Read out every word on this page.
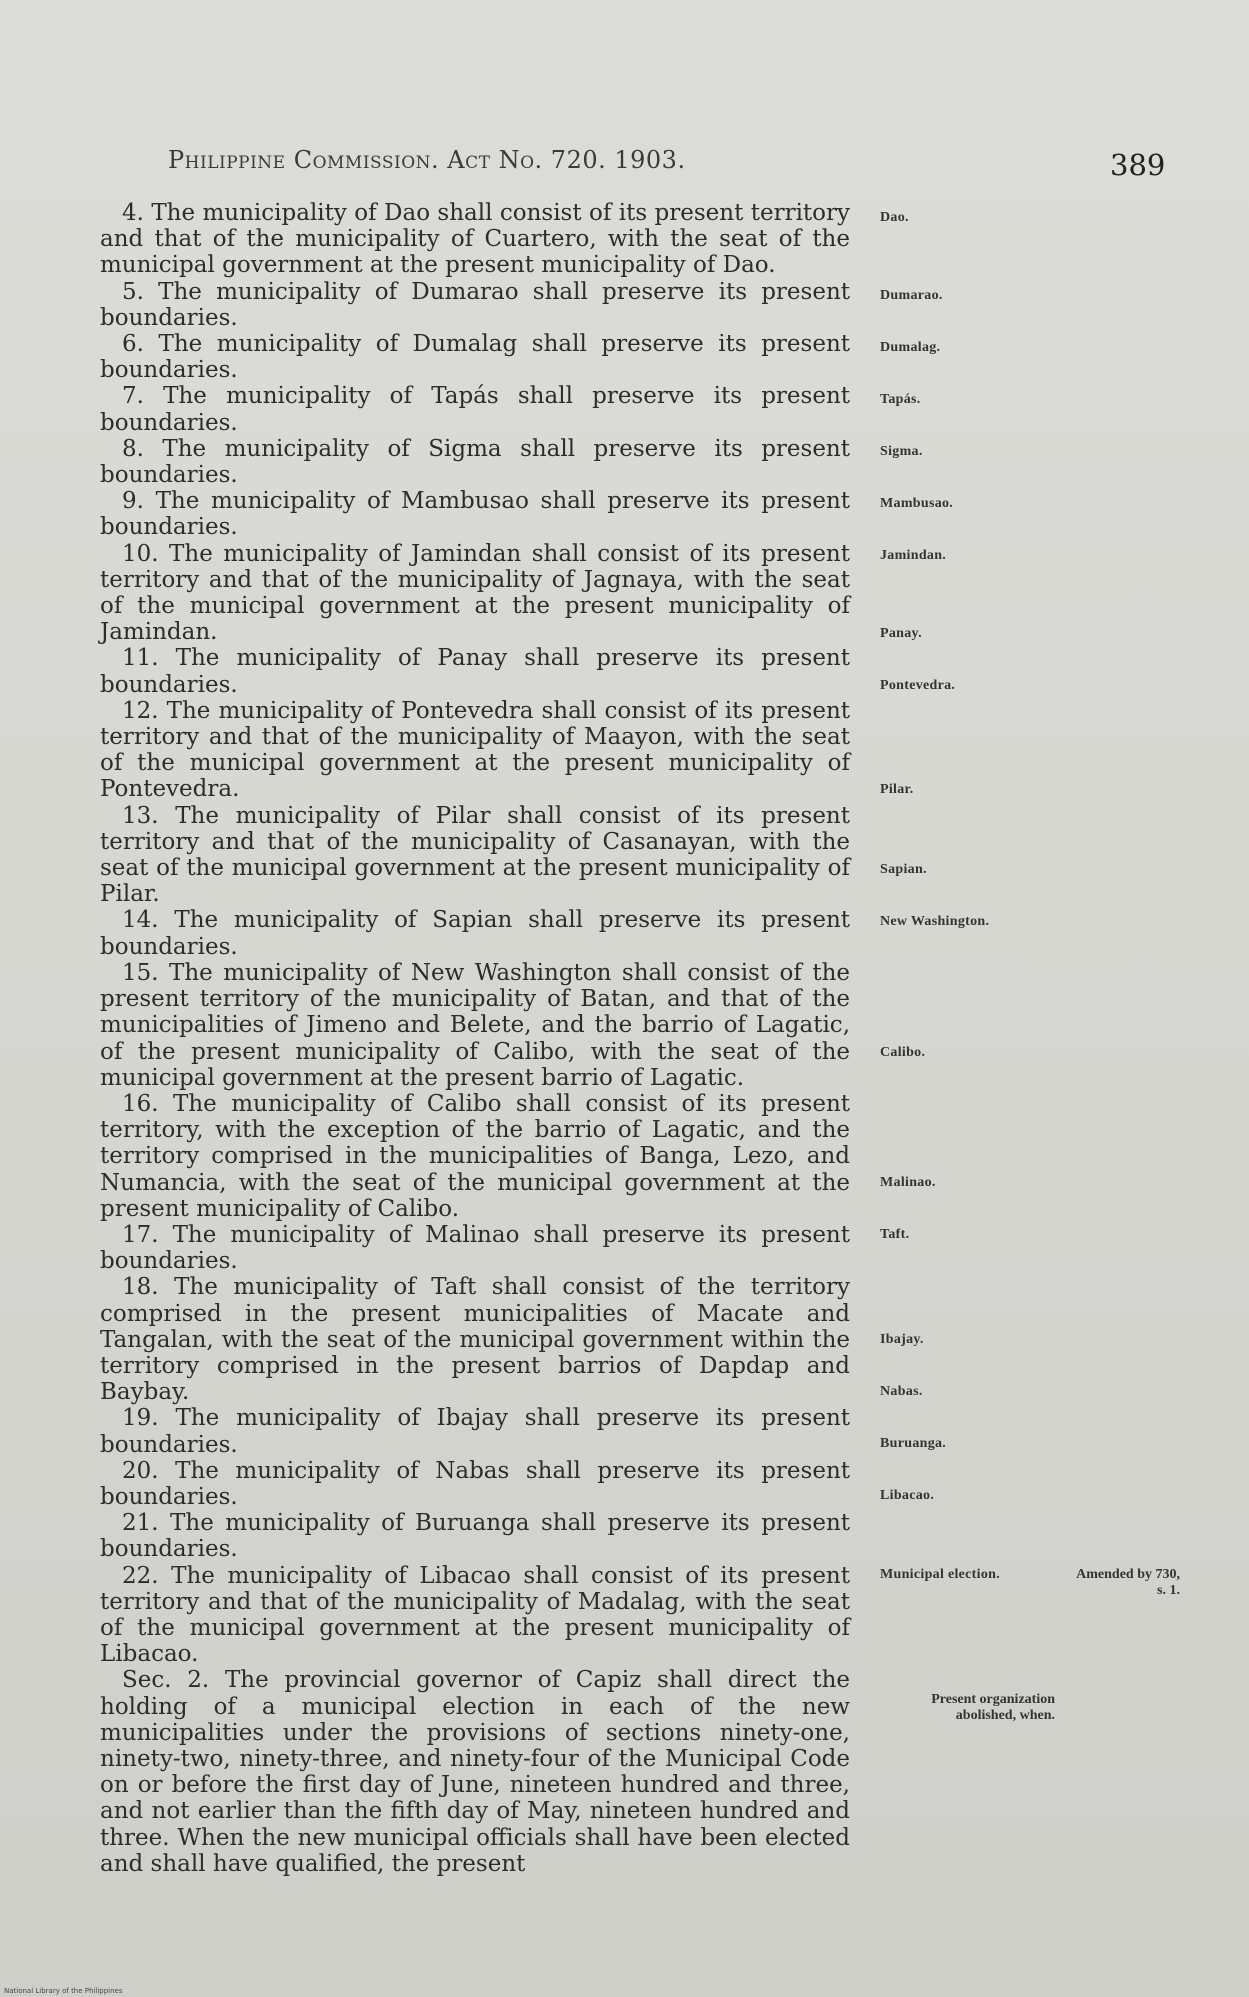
Philippine Commission. Act No. 720. 1903.	389

4. The municipality of Dao shall consist of its present territory and that of the municipality of Cuartero, with the seat of the municipal government at the present municipality of Dao.

5. The municipality of Dumarao shall preserve its present boundaries.

6. The municipality of Dumalag shall preserve its present boundaries.

7. The municipality of Tapás shall preserve its present boundaries.

8. The municipality of Sigma shall preserve its present boundaries.

9. The municipality of Mambusao shall preserve its present boundaries.

10. The municipality of Jamindan shall consist of its present territory and that of the municipality of Jagnaya, with the seat of the municipal government at the present municipality of Jamindan.

11. The municipality of Panay shall preserve its present boundaries.

12. The municipality of Pontevedra shall consist of its present territory and that of the municipality of Maayon, with the seat of the municipal government at the present municipality of Pontevedra.

13. The municipality of Pilar shall consist of its present territory and that of the municipality of Casanayan, with the seat of the municipal government at the present municipality of Pilar.

14. The municipality of Sapian shall preserve its present boundaries.

15. The municipality of New Washington shall consist of the present territory of the municipality of Batan, and that of the municipalities of Jimeno and Belete, and the barrio of Lagatic, of the present municipality of Calibo, with the seat of the municipal government at the present barrio of Lagatic.

16. The municipality of Calibo shall consist of its present territory, with the exception of the barrio of Lagatic, and the territory comprised in the municipalities of Banga, Lezo, and Numancia, with the seat of the municipal government at the present municipality of Calibo.

17. The municipality of Malinao shall preserve its present boundaries.

18. The municipality of Taft shall consist of the territory comprised in the present municipalities of Macate and Tangalan, with the seat of the municipal government within the territory comprised in the present barrios of Dapdap and Baybay.

19. The municipality of Ibajay shall preserve its present boundaries.

20. The municipality of Nabas shall preserve its present boundaries.

21. The municipality of Buruanga shall preserve its present boundaries.

22. The municipality of Libacao shall consist of its present territory and that of the municipality of Madalag, with the seat of the municipal government at the present municipality of Libacao.

Sec. 2. The provincial governor of Capiz shall direct the holding of a municipal election in each of the new municipalities under the provisions of sections ninety-one, ninety-two, ninety-three, and ninety-four of the Municipal Code on or before the first day of June, nineteen hundred and three, and not earlier than the fifth day of May, nineteen hundred and three. When the new municipal officials shall have been elected and shall have qualified, the present

Dao.
Dumarao.
Dumalag.
Tapás.
Sigma.
Mambusao.
Jamindan.
Panay.
Pontevedra.
Pilar.
Sapian.
New Washington.
Calibo.
Malinao.
Taft.
Ibajay.
Nabas.
Buruanga.
Libacao.
Municipal election.	Amended by 730, s. 1.
Present organization abolished, when.
National Library of the Philippines
